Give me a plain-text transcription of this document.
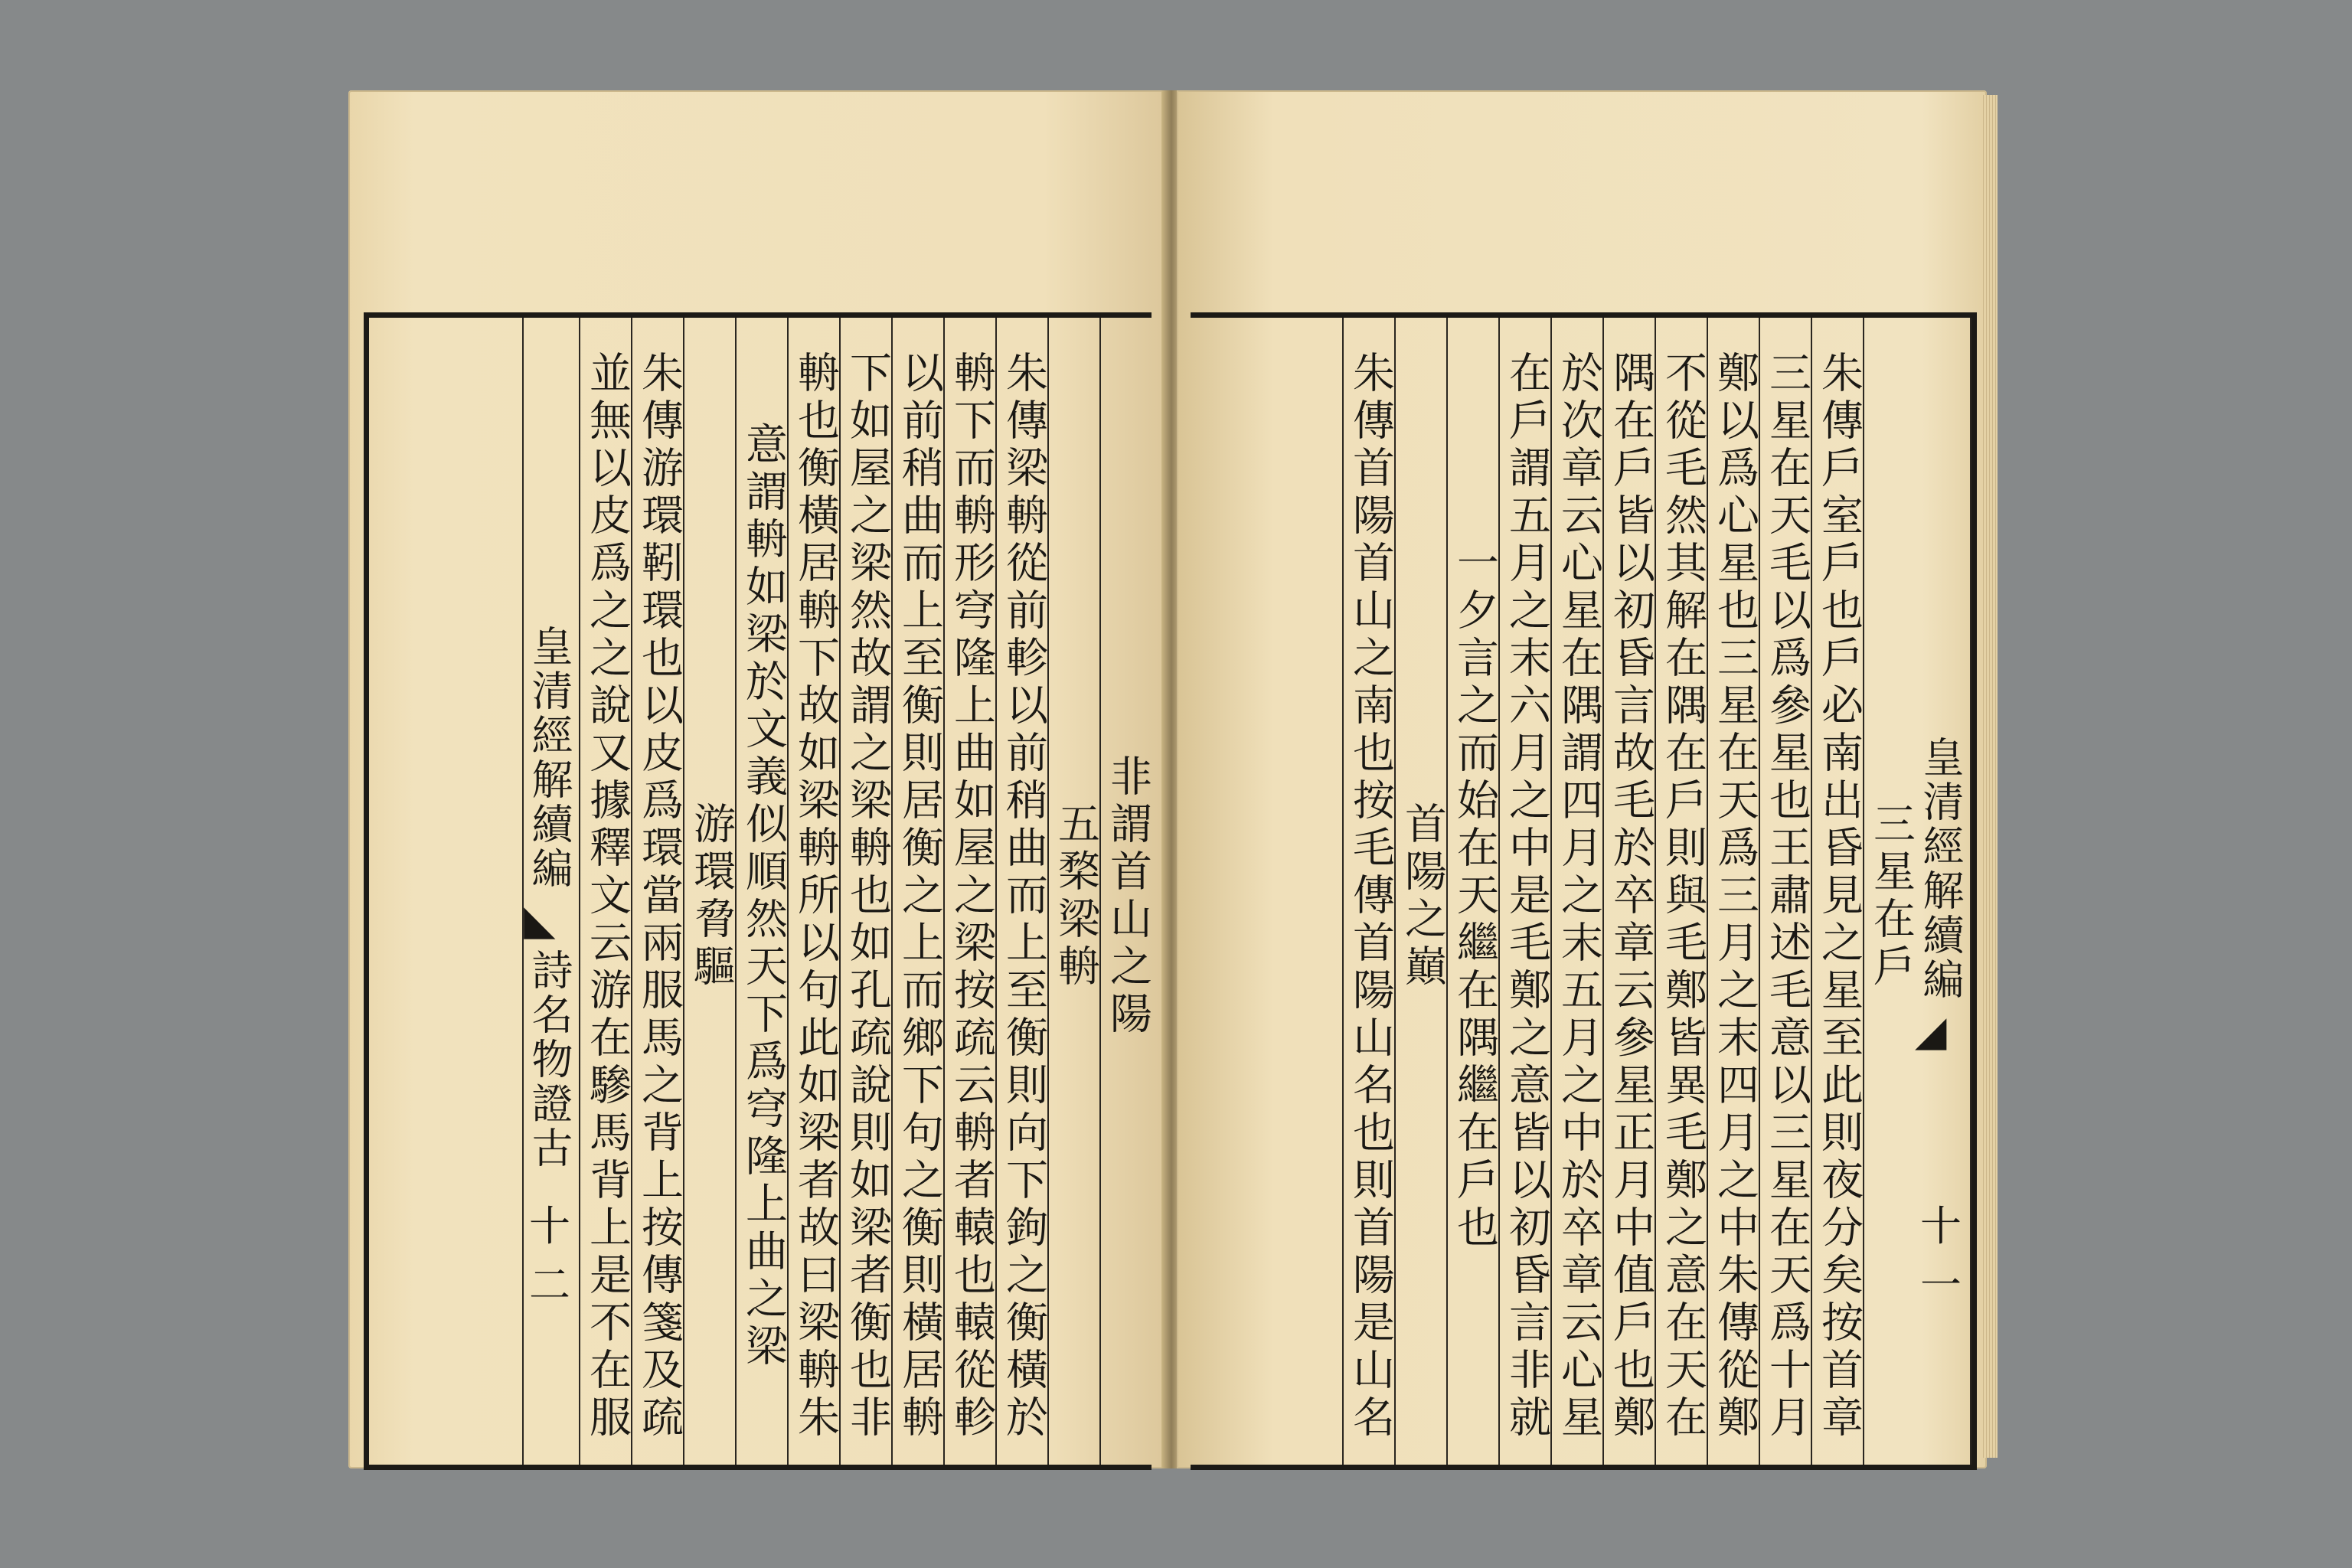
非謂首山之陽
五楘梁輈
朱傳梁輈從前軫以前稍曲而上至衡則向下鉤之衡橫於
輈下而輈形穹隆上曲如屋之梁按疏云輈者轅也轅從軫
以前稍曲而上至衡則居衡之上而鄉下句之衡則橫居輈
下如屋之梁然故謂之梁輈也如孔疏說則如梁者衡也非
輈也衡橫居輈下故如梁輈所以句此如梁者故曰梁輈朱
意謂輈如梁於文義似順然天下爲穹隆上曲之梁
游環脅驅
朱傳游環靷環也以皮爲環當兩服馬之背上按傳箋及疏
並無以皮爲之之說又據釋文云游在驂馬背上是不在服
皇清經解續編
◣
詩名物證古
十二
皇清經解續編
◢
十一
三星在戶
朱傳戶室戶也戶必南出昏見之星至此則夜分矣按首章
三星在天毛以爲參星也王肅述毛意以三星在天爲十月
鄭以爲心星也三星在天爲三月之末四月之中朱傳從鄭
不從毛然其解在隅在戶則與毛鄭皆異毛鄭之意在天在
隅在戶皆以初昏言故毛於卒章云參星正月中值戶也鄭
於次章云心星在隅謂四月之末五月之中於卒章云心星
在戶謂五月之末六月之中是毛鄭之意皆以初昏言非就
一夕言之而始在天繼在隅繼在戶也
首陽之巔
朱傳首陽首山之南也按毛傳首陽山名也則首陽是山名
